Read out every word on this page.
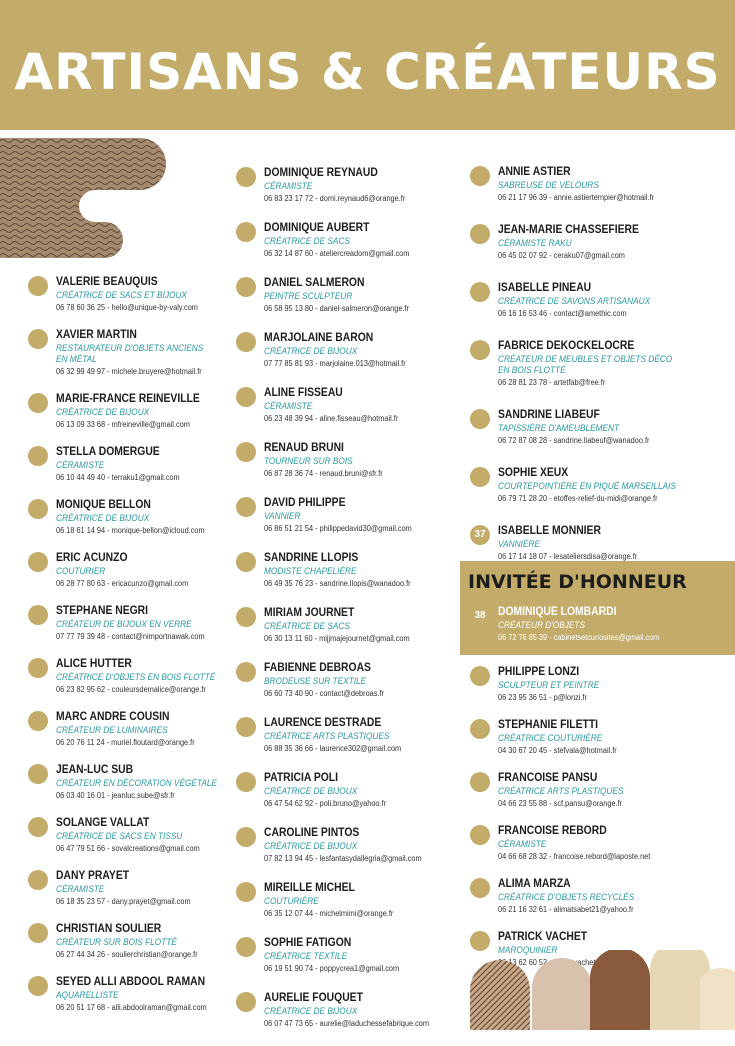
ARTISANS & CRÉATEURS
VALERIE BEAUQUIS
CRÉATRICE DE SACS ET BIJOUX
06 78 60 36 25 - hello@unique-by-valy.com
XAVIER MARTIN
RESTAURATEUR D'OBJETS ANCIENS
EN MÉTAL
06 32 99 49 97 - michele.bruyere@hotmail.fr
MARIE-FRANCE REINEVILLE
CRÉATRICE DE BIJOUX
06 13 09 33 68 - mfreineville@gmail.com
STELLA DOMERGUE
CÉRAMISTE
06 10 44 49 40 - terraku1@gmail.com
MONIQUE BELLON
CRÉATRICE DE BIJOUX
06 18 61 14 94 - monique-bellon@icloud.com
ERIC ACUNZO
COUTURIER
06 28 77 80 63 - ericacunzo@gmail.com
STEPHANE NEGRI
CRÉATEUR DE BIJOUX EN VERRE
07 77 79 39 48 - contact@nimportnawak.com
ALICE HUTTER
CRÉATRICE D'OBJETS EN BOIS FLOTTÉ
06 23 82 95 62 - couleursdemalice@orange.fr
MARC ANDRE COUSIN
CRÉATEUR DE LUMINAIRES
06 20 76 11 24 - muriel.floutard@orange.fr
JEAN-LUC SUB
CRÉATEUR EN DÉCORATION VÉGÉTALE
06 03 40 16 01 - jeanluc.sube@sfr.fr
SOLANGE VALLAT
CRÉATRICE DE SACS EN TISSU
06 47 79 51 66 - sovalcreations@gmail.com
DANY PRAYET
CÉRAMISTE
06 18 35 23 57 - dany.prayet@gmail.com
CHRISTIAN SOULIER
CRÉATEUR SUR BOIS FLOTTÉ
06 27 44 34 26 - soulierchristian@orange.fr
SEYED ALLI ABDOOL RAMAN
AQUARELLISTE
06 20 51 17 68 - alli.abdoolraman@gmail.com
DOMINIQUE REYNAUD
CÉRAMISTE
06 83 23 17 72 - domi.reynaud6@orange.fr
DOMINIQUE AUBERT
CRÉATRICE DE SACS
06 32 14 87 60 - ateliercreadom@gmail.com
DANIEL SALMERON
PEINTRE SCULPTEUR
06 58 95 13 80 - daniel-salmeron@orange.fr
MARJOLAINE BARON
CRÉATRICE DE BIJOUX
07 77 85 81 93 - marjolaine.013@hotmail.fr
ALINE FISSEAU
CÉRAMISTE
06 23 48 39 94 - aline.fisseau@hotmail.fr
RENAUD BRUNI
TOURNEUR SUR BOIS
06 87 28 36 74 - renaud.bruni@sfr.fr
DAVID PHILIPPE
VANNIER
06 86 51 21 54 - philippedavid30@gmail.com
SANDRINE LLOPIS
MODISTE CHAPELIÈRE
06 49 35 76 23 - sandrine.llopis@wanadoo.fr
MIRIAM JOURNET
CRÉATRICE DE SACS
06 30 13 11 60 - mijjmajejournet@gmail.com
FABIENNE DEBROAS
BRODEUSE SUR TEXTILE
06 60 73 40 90 - contact@debroas.fr
LAURENCE DESTRADE
CRÉATRICE ARTS PLASTIQUES
06 88 35 36 66 - laurence302@gmail.com
PATRICIA POLI
CRÉATRICE DE BIJOUX
06 47 54 62 92 - poli.bruno@yahoo.fr
CAROLINE PINTOS
CRÉATRICE DE BIJOUX
07 82 13 94 45 - lesfantasydallegria@gmail.com
MIREILLE MICHEL
COUTURIÈRE
06 35 12 07 44 - michelmimi@orange.fr
SOPHIE FATIGON
CRÉATRICE TEXTILE
06 19 51 90 74 - poppycrea1@gmail.com
AURELIE FOUQUET
CRÉATRICE DE BIJOUX
06 07 47 73 65 - aurelie@laduchessefabrique.com
ANNIE ASTIER
SABREUSE DE VELOURS
06 21 17 96 39 - annie.astiertempier@hotmail.fr
JEAN-MARIE CHASSEFIERE
CÉRAMISTE RAKU
06 45 02 07 92 - ceraku07@gmail.com
ISABELLE PINEAU
CRÉATRICE DE SAVONS ARTISANAUX
06 16 16 53 46 - contact@amethic.com
FABRICE DEKOCKELOCRE
CRÉATEUR DE MEUBLES ET OBJETS DÉCO
EN BOIS FLOTTÉ
06 28 81 23 78 - artetfab@free.fr
SANDRINE LIABEUF
TAPISSIÈRE D'AMEUBLEMENT
06 72 87 08 28 - sandrine.liabeuf@wanadoo.fr
SOPHIE XEUX
COURTEPOINTIÈRE EN PIQUÉ MARSEILLAIS
06 79 71 28 20 - etoffes-relief-du-midi@orange.fr
37	ISABELLE MONNIER
VANNIÈRE
06 17 14 18 07 - lesateliersdisa@orange.fr
INVITÉE D'HONNEUR
38	DOMINIQUE LOMBARDI
CRÉATEUR D'OBJETS
06 72 76 85 39 - cabinetsetcuriosites@gmail.com
PHILIPPE LONZI
SCULPTEUR ET PEINTRE
06 23 95 36 51 - p@lonzi.fr
STEPHANIE FILETTI
CRÉATRICE COUTURIÈRE
04 30 67 20 45 - stefvala@hotmail.fr
FRANCOISE PANSU
CRÉATRICE ARTS PLASTIQUES
04 66 23 55 88 - scf.pansu@orange.fr
FRANCOISE REBORD
CÉRAMISTE
04 66 68 28 32 - francoise.rebord@laposte.net
ALIMA MARZA
CRÉATRICE D'OBJETS RECYCLÉS
06 21 16 32 61 - alimatsabet21@yahoo.fr
PATRICK VACHET
MAROQUINIER
13 62 60 52
